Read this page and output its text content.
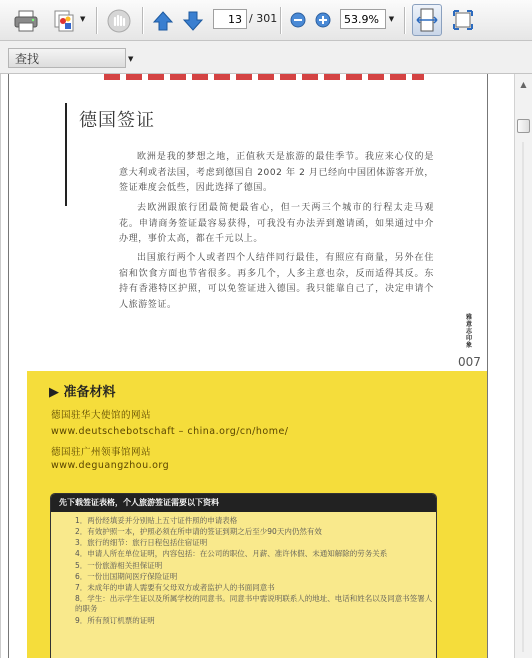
▼	13 / 301	53.9%	▼
查找	▼
德国签证
欧洲是我的梦想之地，正值秋天是旅游的最佳季节。我应来心仪的是意大利或者法国，考虑到德国自 2002 年 2 月已经向中国团体游客开放，签证难度会低些，因此选择了德国。
去欧洲跟旅行团最简便最省心，但一天两三个城市的行程太走马观花。申请商务签证最容易获得，可我没有办法弄到邀请函，如果通过中介办理，事价太高，都在千元以上。
出国旅行两个人或者四个人结伴同行最佳，有照应有商量，另外在住宿和饮食方面也节省很多。再多几个，人多主意也杂，反而适得其反。东持有香港特区护照，可以免签证进入德国。我只能靠自己了，决定申请个人旅游签证。
雅意志印象
007
▶ 准备材料
德国驻华大使馆的网站
www.deutschebotschaft – china.org/cn/home/
德国驻广州领事馆网站
www.deguangzhou.org
先下载签证表格，个人旅游签证需要以下资料
1．两份经填妥并分别贴上五寸证件照的申请表格
2．有效护照一本，护照必须在所申请的签证到期之后至少90天内仍然有效
3．旅行的细节：旅行日程包括住宿证明
4．申请人所在单位证明，内容包括：在公司的职位、月薪、准许休假、未通知解除的劳务关系
5．一份旅游相关担保证明
6．一份出国期间医疗保险证明
7．未成年的申请人需要有父母双方或者监护人的书面同意书
8．学生：出示学生证以及所属学校的同意书。同意书中需说明联系人的地址、电话和姓名以及同意书签署人的职务
9．所有预订机票的证明
▲
